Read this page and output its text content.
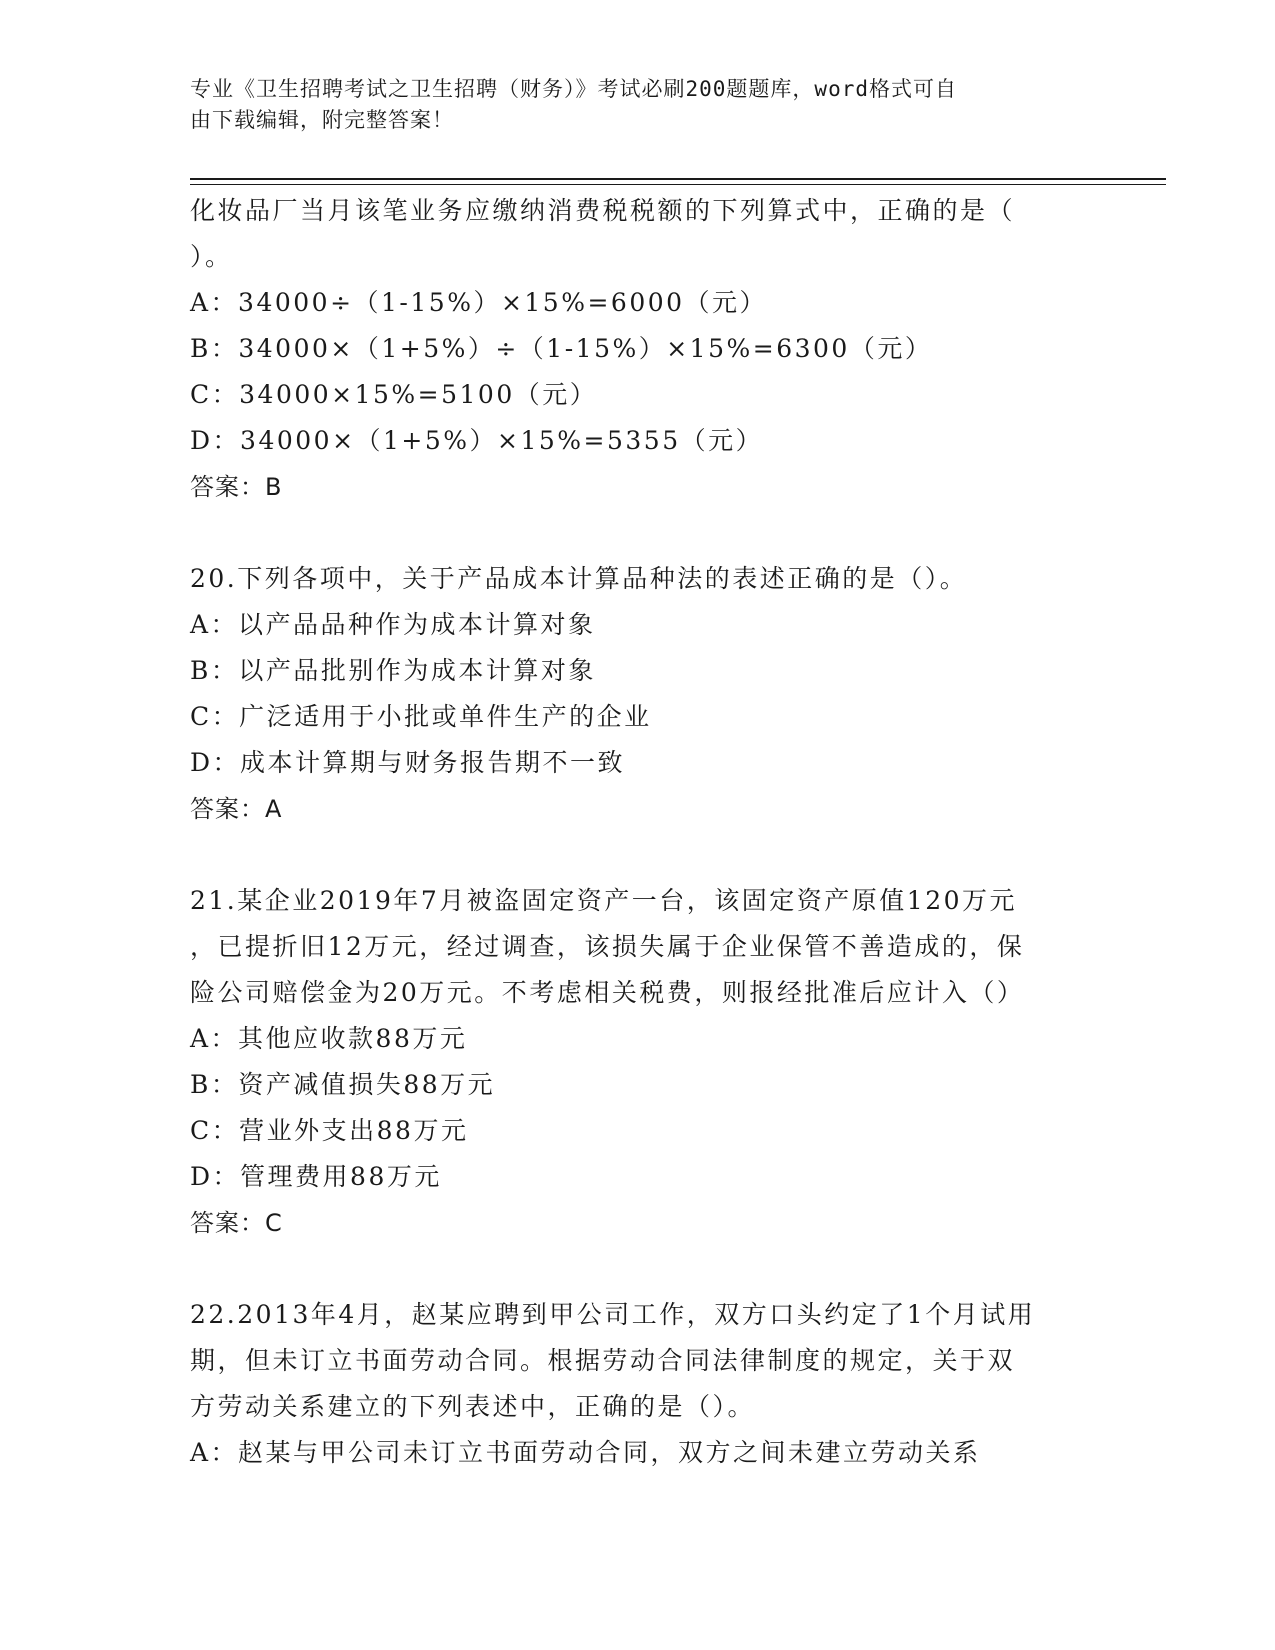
专业《卫生招聘考试之卫生招聘（财务）》考试必刷200题题库，word格式可自
由下载编辑，附完整答案！
化妆品厂当月该笔业务应缴纳消费税税额的下列算式中，正确的是（
）。
A：34000÷（1-15%）×15%=6000（元）
B：34000×（1+5%）÷（1-15%）×15%=6300（元）
C：34000×15%=5100（元）
D：34000×（1+5%）×15%=5355（元）
答案：B
20.下列各项中，关于产品成本计算品种法的表述正确的是（）。
A：以产品品种作为成本计算对象
B：以产品批别作为成本计算对象
C：广泛适用于小批或单件生产的企业
D：成本计算期与财务报告期不一致
答案：A
21.某企业2019年7月被盗固定资产一台，该固定资产原值120万元
，已提折旧12万元，经过调查，该损失属于企业保管不善造成的，保
险公司赔偿金为20万元。不考虑相关税费，则报经批准后应计入（）
A：其他应收款88万元
B：资产减值损失88万元
C：营业外支出88万元
D：管理费用88万元
答案：C
22.2013年4月，赵某应聘到甲公司工作，双方口头约定了1个月试用
期，但未订立书面劳动合同。根据劳动合同法律制度的规定，关于双
方劳动关系建立的下列表述中，正确的是（）。
A：赵某与甲公司未订立书面劳动合同，双方之间未建立劳动关系
